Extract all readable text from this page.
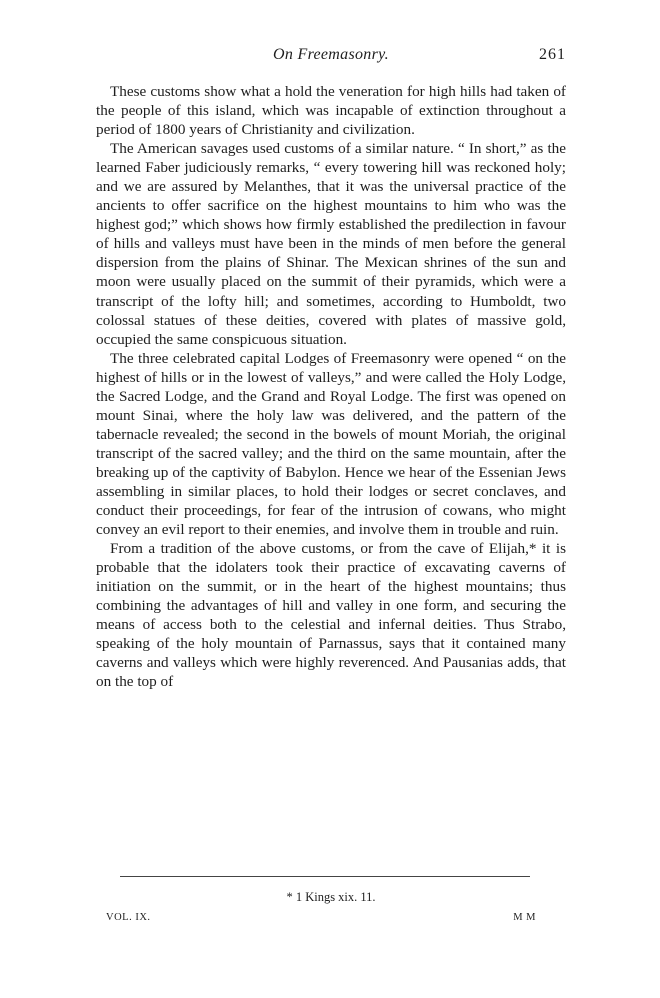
On Freemasonry.	261

These customs show what a hold the veneration for high hills had taken of the people of this island, which was incapable of extinction throughout a period of 1800 years of Christianity and civilization.

The American savages used customs of a similar nature. “ In short,” as the learned Faber judiciously remarks, “ every towering hill was reckoned holy; and we are assured by Melanthes, that it was the universal practice of the ancients to offer sacrifice on the highest mountains to him who was the highest god;” which shows how firmly established the predilection in favour of hills and valleys must have been in the minds of men before the general dispersion from the plains of Shinar. The Mexican shrines of the sun and moon were usually placed on the summit of their pyramids, which were a transcript of the lofty hill; and sometimes, according to Humboldt, two colossal statues of these deities, covered with plates of massive gold, occupied the same conspicuous situation.

The three celebrated capital Lodges of Freemasonry were opened “ on the highest of hills or in the lowest of valleys,” and were called the Holy Lodge, the Sacred Lodge, and the Grand and Royal Lodge. The first was opened on mount Sinai, where the holy law was delivered, and the pattern of the tabernacle revealed; the second in the bowels of mount Moriah, the original transcript of the sacred valley; and the third on the same mountain, after the breaking up of the captivity of Babylon. Hence we hear of the Essenian Jews assembling in similar places, to hold their lodges or secret conclaves, and conduct their proceedings, for fear of the intrusion of cowans, who might convey an evil report to their enemies, and involve them in trouble and ruin.

From a tradition of the above customs, or from the cave of Elijah,* it is probable that the idolaters took their practice of excavating caverns of initiation on the summit, or in the heart of the highest mountains; thus combining the advantages of hill and valley in one form, and securing the means of access both to the celestial and infernal deities. Thus Strabo, speaking of the holy mountain of Parnassus, says that it contained many caverns and valleys which were highly reverenced. And Pausanias adds, that on the top of

* 1 Kings xix. 11.
VOL. IX.	M M
